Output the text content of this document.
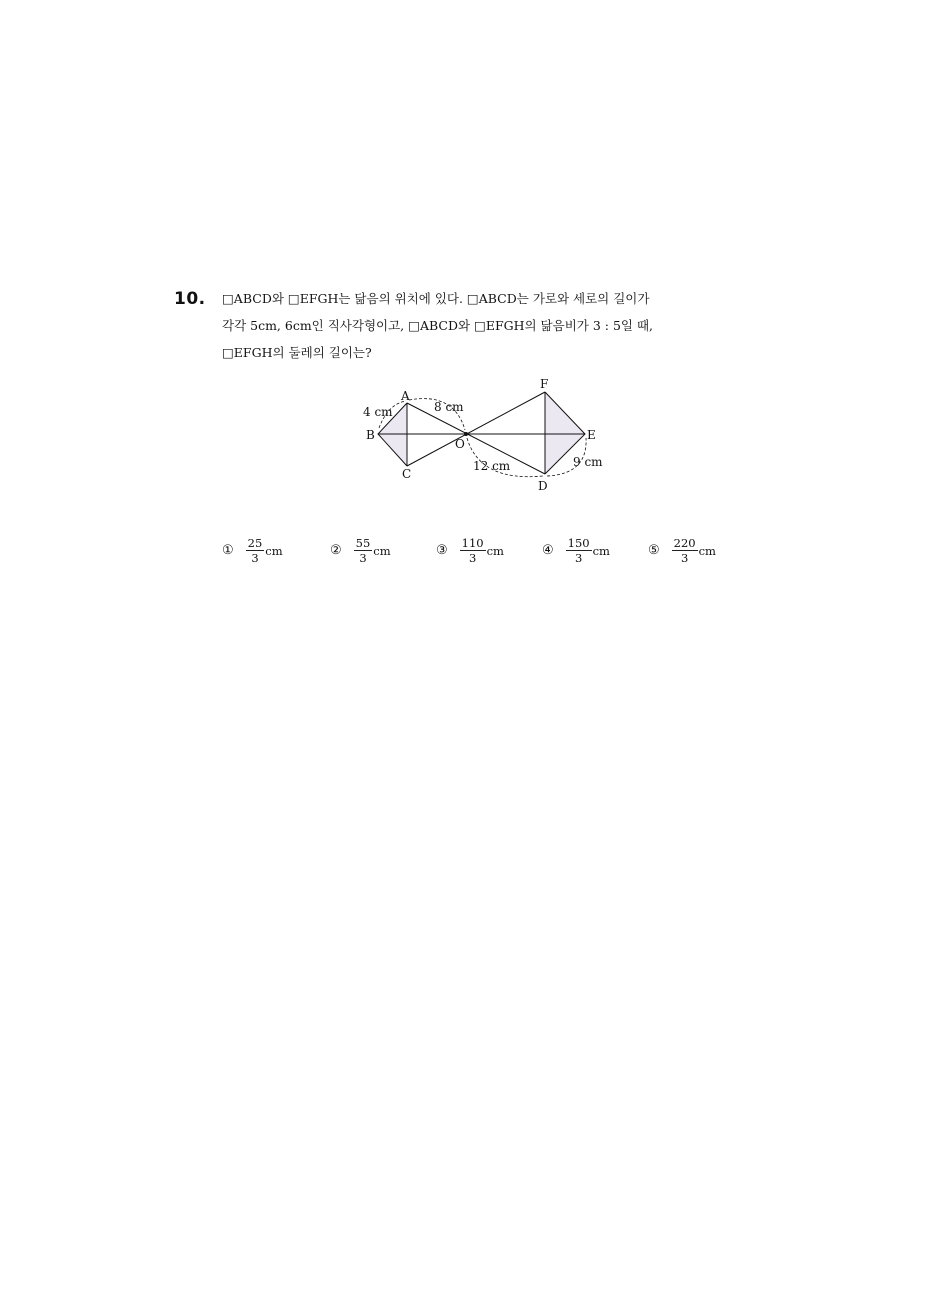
10. □ABCD와 □EFGH는 닮음의 위치에 있다. □ABCD는 가로와 세로의 길이가
각각 5cm, 6cm인 직사각형이고, □ABCD와 □EFGH의 닮음비가 3 : 5일 때,
□EFGH의 둘레의 길이는?
A
B
C
D
E
F
O
4 cm	8 cm
12 cm	9 cm
① $\frac{25}{3}$ cm	② $\frac{55}{3}$ cm	③ $\frac{110}{3}$ cm	④ $\frac{150}{3}$ cm	⑤ $\frac{220}{3}$ cm
